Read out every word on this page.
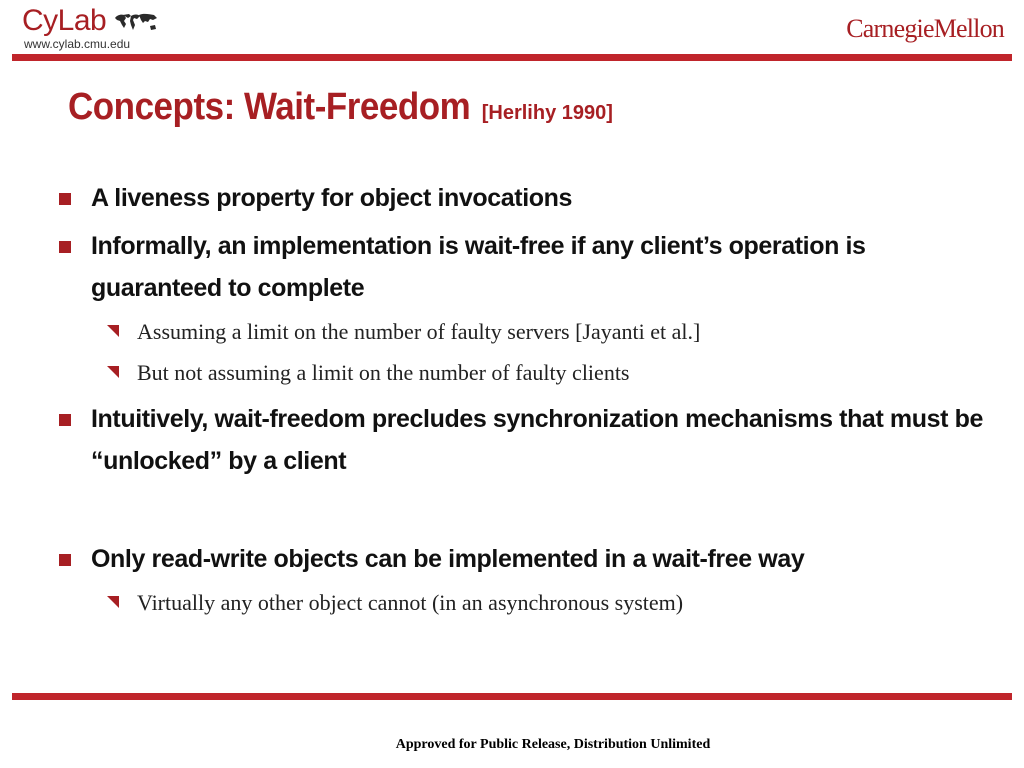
CyLab
www.cylab.cmu.edu
CarnegieMellon
Concepts: Wait-Freedom [Herlihy 1990]
A liveness property for object invocations
Informally, an implementation is wait-free if any client’s operation is guaranteed to complete
Assuming a limit on the number of faulty servers [Jayanti et al.]
But not assuming a limit on the number of faulty clients
Intuitively, wait-freedom precludes synchronization mechanisms that must be “unlocked” by a client
Only read-write objects can be implemented in a wait-free way
Virtually any other object cannot (in an asynchronous system)
Approved for Public Release, Distribution Unlimited
